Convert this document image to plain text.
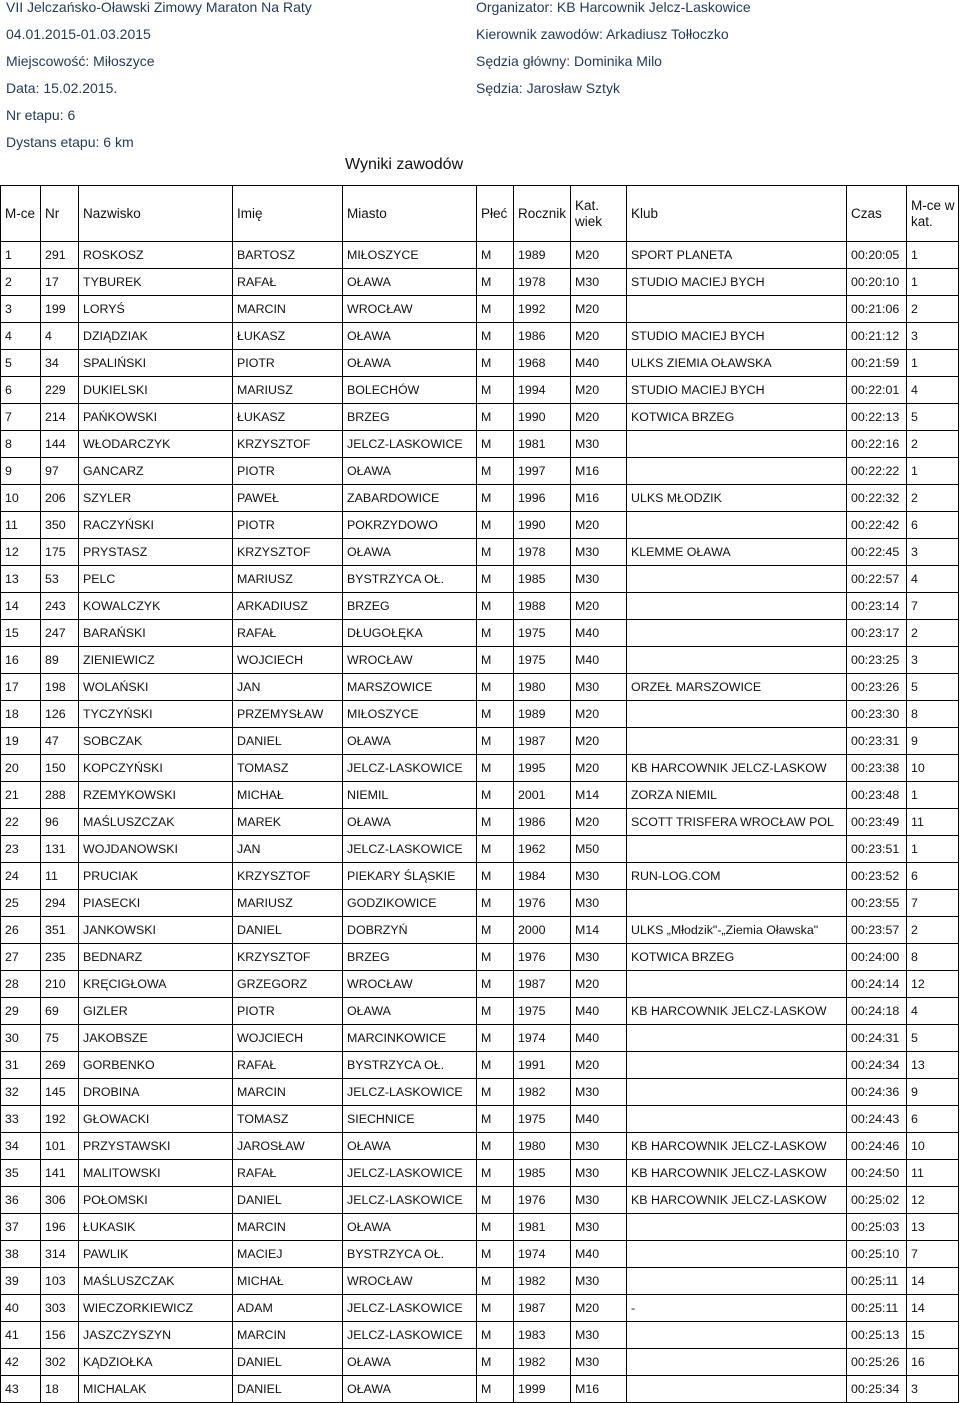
VII Jelczańsko-Oławski Zimowy Maraton Na Raty
04.01.2015-01.03.2015
Miejscowość: Miłoszyce
Data: 15.02.2015.
Nr etapu: 6
Dystans etapu: 6 km
Organizator: KB Harcownik Jelcz-Laskowice
Kierownik zawodów: Arkadiusz Tołłoczko
Sędzia główny: Dominika Milo
Sędzia: Jarosław Sztyk
Wyniki zawodów
M-ce	Nr	Nazwisko	Imię	Miasto	Płeć	Rocznik	Kat. wiek	Klub	Czas	M-ce w kat.
1	291	ROSKOSZ	BARTOSZ	MIŁOSZYCE	M	1989	M20	SPORT PLANETA	00:20:05	1
2	17	TYBUREK	RAFAŁ	OŁAWA	M	1978	M30	STUDIO MACIEJ BYCH	00:20:10	1
3	199	LORYŚ	MARCIN	WROCŁAW	M	1992	M20		00:21:06	2
4	4	DZIĄDZIAK	ŁUKASZ	OŁAWA	M	1986	M20	STUDIO MACIEJ BYCH	00:21:12	3
5	34	SPALIŃSKI	PIOTR	OŁAWA	M	1968	M40	ULKS ZIEMIA OŁAWSKA	00:21:59	1
6	229	DUKIELSKI	MARIUSZ	BOLECHÓW	M	1994	M20	STUDIO MACIEJ BYCH	00:22:01	4
7	214	PAŃKOWSKI	ŁUKASZ	BRZEG	M	1990	M20	KOTWICA BRZEG	00:22:13	5
8	144	WŁODARCZYK	KRZYSZTOF	JELCZ-LASKOWICE	M	1981	M30		00:22:16	2
9	97	GANCARZ	PIOTR	OŁAWA	M	1997	M16		00:22:22	1
10	206	SZYLER	PAWEŁ	ZABARDOWICE	M	1996	M16	ULKS MŁODZIK	00:22:32	2
11	350	RACZYŃSKI	PIOTR	POKRZYDOWO	M	1990	M20		00:22:42	6
12	175	PRYSTASZ	KRZYSZTOF	OŁAWA	M	1978	M30	KLEMME OŁAWA	00:22:45	3
13	53	PELC	MARIUSZ	BYSTRZYCA OŁ.	M	1985	M30		00:22:57	4
14	243	KOWALCZYK	ARKADIUSZ	BRZEG	M	1988	M20		00:23:14	7
15	247	BARAŃSKI	RAFAŁ	DŁUGOŁĘKA	M	1975	M40		00:23:17	2
16	89	ZIENIEWICZ	WOJCIECH	WROCŁAW	M	1975	M40		00:23:25	3
17	198	WOLAŃSKI	JAN	MARSZOWICE	M	1980	M30	ORZEŁ MARSZOWICE	00:23:26	5
18	126	TYCZYŃSKI	PRZEMYSŁAW	MIŁOSZYCE	M	1989	M20		00:23:30	8
19	47	SOBCZAK	DANIEL	OŁAWA	M	1987	M20		00:23:31	9
20	150	KOPCZYŃSKI	TOMASZ	JELCZ-LASKOWICE	M	1995	M20	KB HARCOWNIK JELCZ-LASKOW	00:23:38	10
21	288	RZEMYKOWSKI	MICHAŁ	NIEMIL	M	2001	M14	ZORZA NIEMIL	00:23:48	1
22	96	MAŚLUSZCZAK	MAREK	OŁAWA	M	1986	M20	SCOTT TRISFERA WROCŁAW POL	00:23:49	11
23	131	WOJDANOWSKI	JAN	JELCZ-LASKOWICE	M	1962	M50		00:23:51	1
24	11	PRUCIAK	KRZYSZTOF	PIEKARY ŚLĄSKIE	M	1984	M30	RUN-LOG.COM	00:23:52	6
25	294	PIASECKI	MARIUSZ	GODZIKOWICE	M	1976	M30		00:23:55	7
26	351	JANKOWSKI	DANIEL	DOBRZYŃ	M	2000	M14	ULKS „Młodzik"-„Ziemia Oławska"	00:23:57	2
27	235	BEDNARZ	KRZYSZTOF	BRZEG	M	1976	M30	KOTWICA BRZEG	00:24:00	8
28	210	KRĘCIGŁOWA	GRZEGORZ	WROCŁAW	M	1987	M20		00:24:14	12
29	69	GIZLER	PIOTR	OŁAWA	M	1975	M40	KB HARCOWNIK JELCZ-LASKOW	00:24:18	4
30	75	JAKOBSZE	WOJCIECH	MARCINKOWICE	M	1974	M40		00:24:31	5
31	269	GORBENKO	RAFAŁ	BYSTRZYCA OŁ.	M	1991	M20		00:24:34	13
32	145	DROBINA	MARCIN	JELCZ-LASKOWICE	M	1982	M30		00:24:36	9
33	192	GŁOWACKI	TOMASZ	SIECHNICE	M	1975	M40		00:24:43	6
34	101	PRZYSTAWSKI	JAROSŁAW	OŁAWA	M	1980	M30	KB HARCOWNIK JELCZ-LASKOW	00:24:46	10
35	141	MALITOWSKI	RAFAŁ	JELCZ-LASKOWICE	M	1985	M30	KB HARCOWNIK JELCZ-LASKOW	00:24:50	11
36	306	POŁOMSKI	DANIEL	JELCZ-LASKOWICE	M	1976	M30	KB HARCOWNIK JELCZ-LASKOW	00:25:02	12
37	196	ŁUKASIK	MARCIN	OŁAWA	M	1981	M30		00:25:03	13
38	314	PAWLIK	MACIEJ	BYSTRZYCA OŁ.	M	1974	M40		00:25:10	7
39	103	MAŚLUSZCZAK	MICHAŁ	WROCŁAW	M	1982	M30		00:25:11	14
40	303	WIECZORKIEWICZ	ADAM	JELCZ-LASKOWICE	M	1987	M20	-	00:25:11	14
41	156	JASZCZYSZYN	MARCIN	JELCZ-LASKOWICE	M	1983	M30		00:25:13	15
42	302	KĄDZIOŁKA	DANIEL	OŁAWA	M	1982	M30		00:25:26	16
43	18	MICHALAK	DANIEL	OŁAWA	M	1999	M16		00:25:34	3
